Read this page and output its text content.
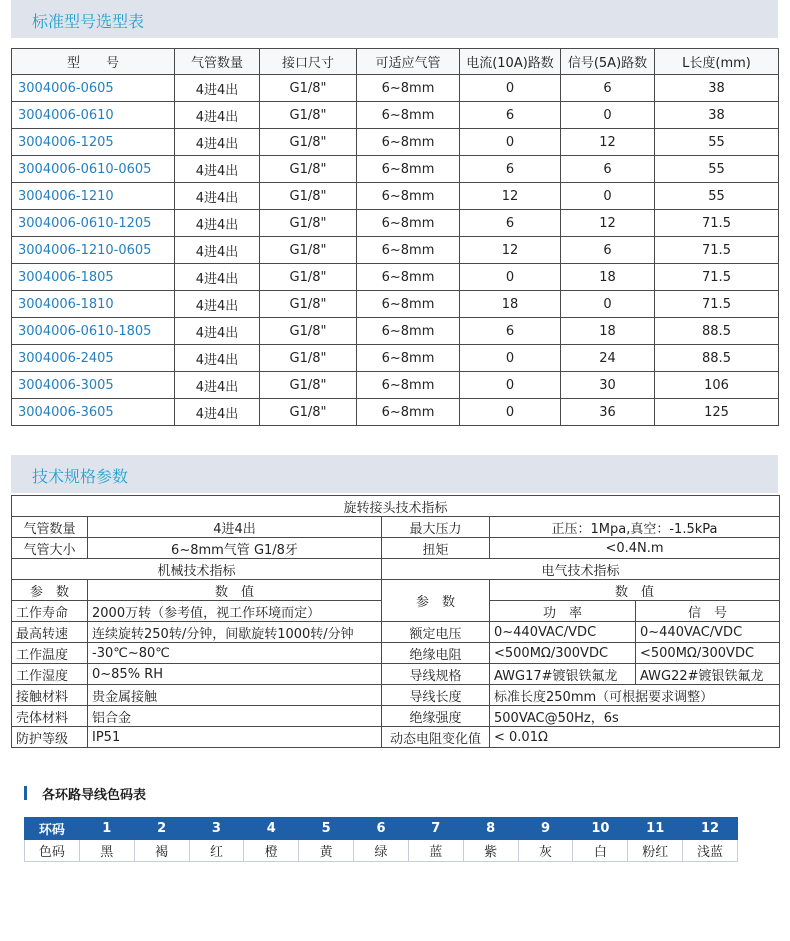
标准型号选型表
型　　号	气管数量	接口尺寸	可适应气管	电流(10A)路数	信号(5A)路数	L长度(mm)
3004006-0605	4进4出	G1/8"	6~8mm	0	6	38
3004006-0610	4进4出	G1/8"	6~8mm	6	0	38
3004006-1205	4进4出	G1/8"	6~8mm	0	12	55
3004006-0610-0605	4进4出	G1/8"	6~8mm	6	6	55
3004006-1210	4进4出	G1/8"	6~8mm	12	0	55
3004006-0610-1205	4进4出	G1/8"	6~8mm	6	12	71.5
3004006-1210-0605	4进4出	G1/8"	6~8mm	12	6	71.5
3004006-1805	4进4出	G1/8"	6~8mm	0	18	71.5
3004006-1810	4进4出	G1/8"	6~8mm	18	0	71.5
3004006-0610-1805	4进4出	G1/8"	6~8mm	6	18	88.5
3004006-2405	4进4出	G1/8"	6~8mm	0	24	88.5
3004006-3005	4进4出	G1/8"	6~8mm	0	30	106
3004006-3605	4进4出	G1/8"	6~8mm	0	36	125
技术规格参数
旋转接头技术指标				
气管数量	4进4出	最大压力	正压：1Mpa,真空：-1.5kPa	
气管大小	6~8mm气管 G1/8牙	扭矩	<0.4N.m	
机械技术指标		电气技术指标		
参　数	数　值	参　数	数　值	
工作寿命	2000万转（参考值，视工作环境而定）		功　率	信　号
最高转速	连续旋转250转/分钟，间歇旋转1000转/分钟	额定电压	0~440VAC/VDC	0~440VAC/VDC
工作温度	-30℃~80℃	绝缘电阻	<500MΩ/300VDC	<500MΩ/300VDC
工作湿度	0~85% RH	导线规格	AWG17#镀银铁氟龙	AWG22#镀银铁氟龙
接触材料	贵金属接触	导线长度	标准长度250mm（可根据要求调整）	
壳体材料	铝合金	绝缘强度	500VAC@50Hz，6s	
防护等级	IP51	动态电阻变化值	< 0.01Ω	
各环路导线色码表
环码	1	2	3	4	5	6	7	8	9	10	11	12
色码	黑	褐	红	橙	黄	绿	蓝	紫	灰	白	粉红	浅蓝
